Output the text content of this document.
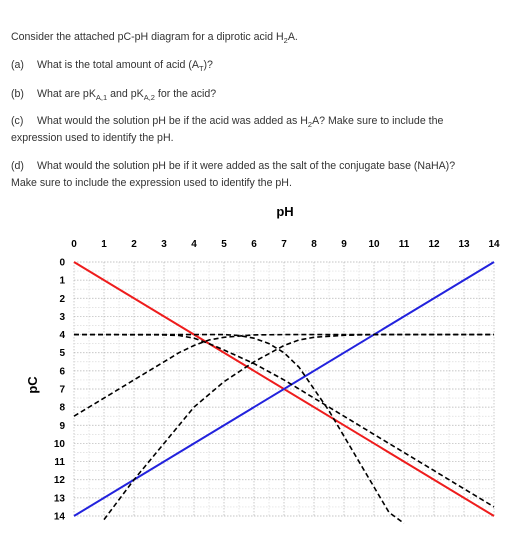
Consider the attached pC-pH diagram for a diprotic acid $H_2A$.
(a) What is the total amount of acid $(A_T)$?
(b) What are $pK_{A,1}$ and $pK_{A,2}$ for the acid?
(c) What would the solution pH be if the acid was added as $H_2A$? Make sure to include the
expression used to identify the pH.
(d) What would the solution pH be if it were added as the salt of the conjugate base (NaHA)?
Make sure to include the expression used to identify the pH.
0 1 2 3 4 5 6 7 8 9 10 11 12 13 14
0
1
2
3
4
5
6
7
8
9
10
11
12
13
14
pH
pC
